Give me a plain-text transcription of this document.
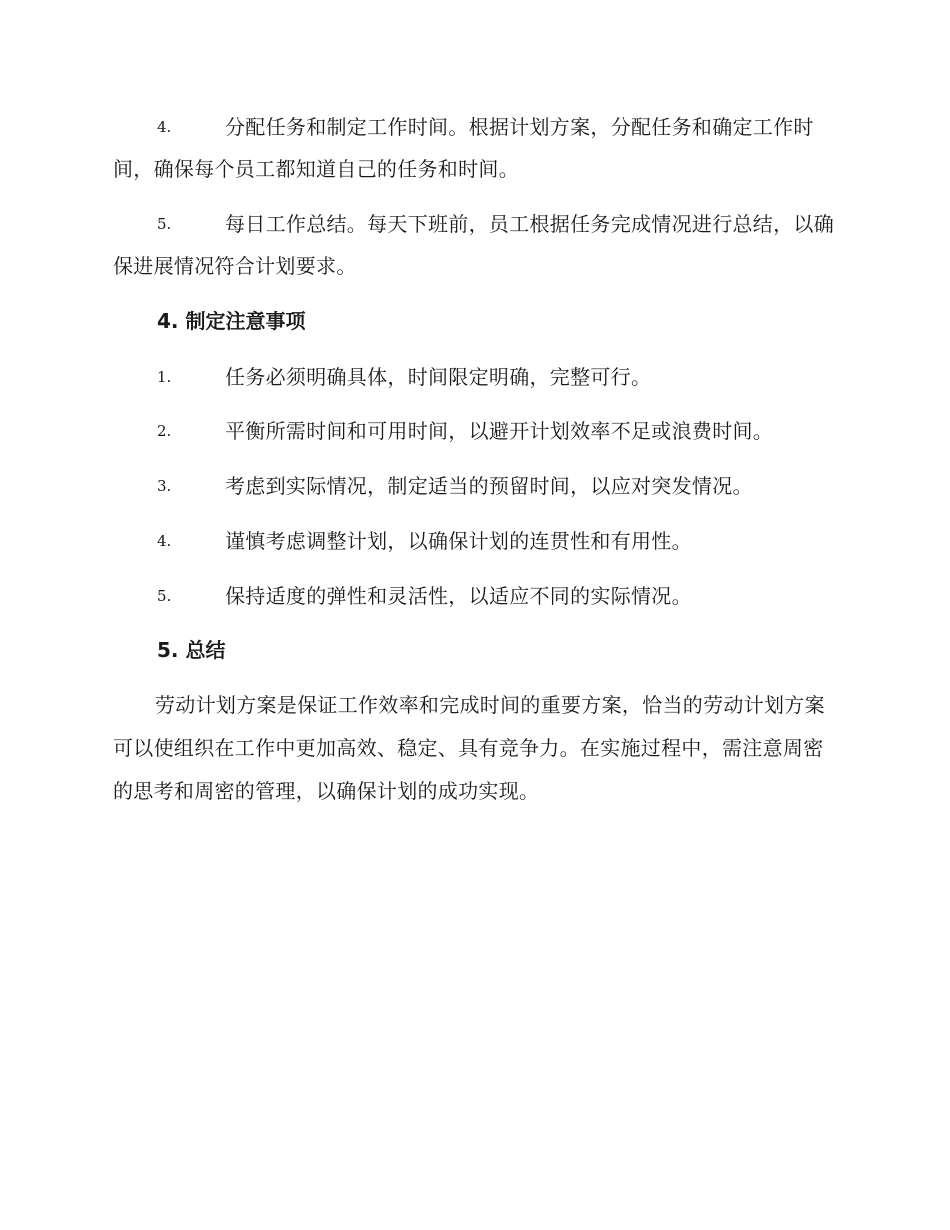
4.	分配任务和制定工作时间。根据计划方案，分配任务和确定工作时间，确保每个员工都知道自己的任务和时间。
5.	每日工作总结。每天下班前，员工根据任务完成情况进行总结，以确保进展情况符合计划要求。
4. 制定注意事项
1.	任务必须明确具体，时间限定明确，完整可行。
2.	平衡所需时间和可用时间，以避开计划效率不足或浪费时间。
3.	考虑到实际情况，制定适当的预留时间，以应对突发情况。
4.	谨慎考虑调整计划，以确保计划的连贯性和有用性。
5.	保持适度的弹性和灵活性，以适应不同的实际情况。
5. 总结
劳动计划方案是保证工作效率和完成时间的重要方案，恰当的劳动计划方案可以使组织在工作中更加高效、稳定、具有竞争力。在实施过程中，需注意周密的思考和周密的管理，以确保计划的成功实现。
